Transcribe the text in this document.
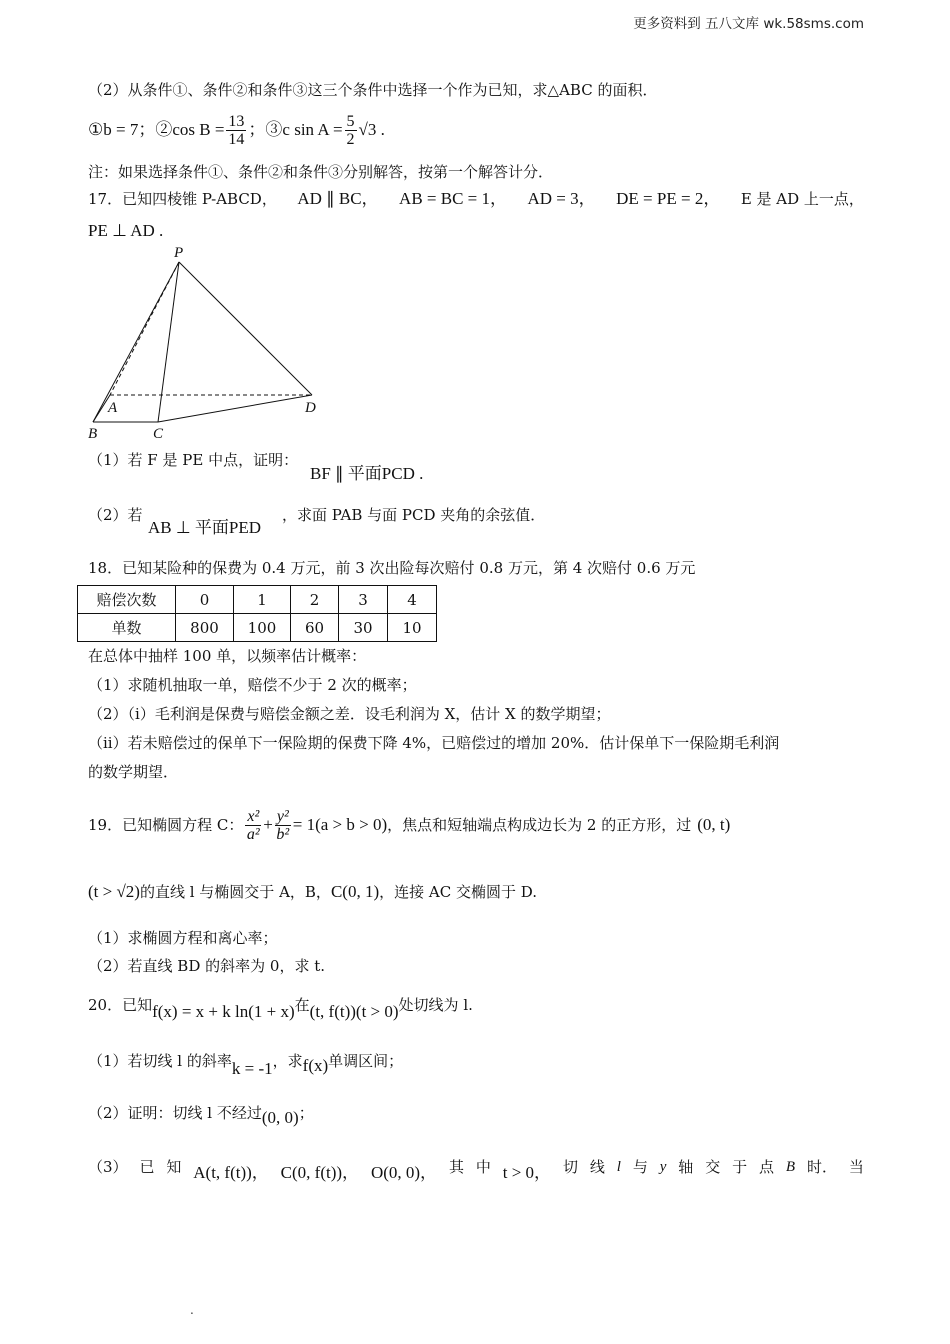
更多资料到 五八文库 wk.58sms.com
（2）从条件①、条件②和条件③这三个条件中选择一个作为已知，求△ABC 的面积．
①b = 7 ；②cos $B = \frac{13}{14}$ ；③c $\sin A = \frac{5}{2} √3$ .
注：如果选择条件①、条件②和条件③分别解答，按第一个解答计分．
17．已知四棱锥 P-ABCD， AD ∥ BC， AB = BC = 1， AD = 3， DE = PE = 2， E 是 AD 上一点，
PE ⊥ AD .
P
A
B	C
D
（1）若 F 是 PE 中点，证明：
BF ∥ 平面PCD .
（2）若
AB ⊥ 平面PED
，求面 PAB 与面 PCD 夹角的余弦值．
18．已知某险种的保费为 0.4 万元，前 3 次出险每次赔付 0.8 万元，第 4 次赔付 0.6 万元
赔偿次数	0	1	2	3	4
单数	800	100	60	30	10
在总体中抽样 100 单，以频率估计概率：
（1）求随机抽取一单，赔偿不少于 2 次的概率；
（2）（i）毛利润是保费与赔偿金额之差．设毛利润为 X，估计 X 的数学期望；
（ii）若未赔偿过的保单下一保险期的保费下降 4%，已赔偿过的增加 20%．估计保单下一保险期毛利润
的数学期望．
19．已知椭圆方程 C： $\frac{\text{x²}}{\text{a²}} + \frac{\text{y²}}{\text{b²}} = 1(a > b > 0)$ ，焦点和短轴端点构成边长为 2 的正方形，过 (0, t)
(t > √2) 的直线 l 与椭圆交于 A，B， C(0, 1) ，连接 AC 交椭圆于 D.
（1）求椭圆方程和离心率；
（2）若直线 BD 的斜率为 0，求 t.
20．已知 f(x) = x + k ln(1 + x) 在 (t, f(t))(t > 0) 处切线为 l.
（1）若切线 l 的斜率 k = -1 ，求 f(x) 单调区间；
（2）证明：切线 l 不经过 (0, 0) ；
（3） 已 知 A(t, f(t))， C(0, f(t))， O(0, 0)， 其 中 t > 0， 切 线 l 与 y 轴 交 于 点 B 时． 当
.
